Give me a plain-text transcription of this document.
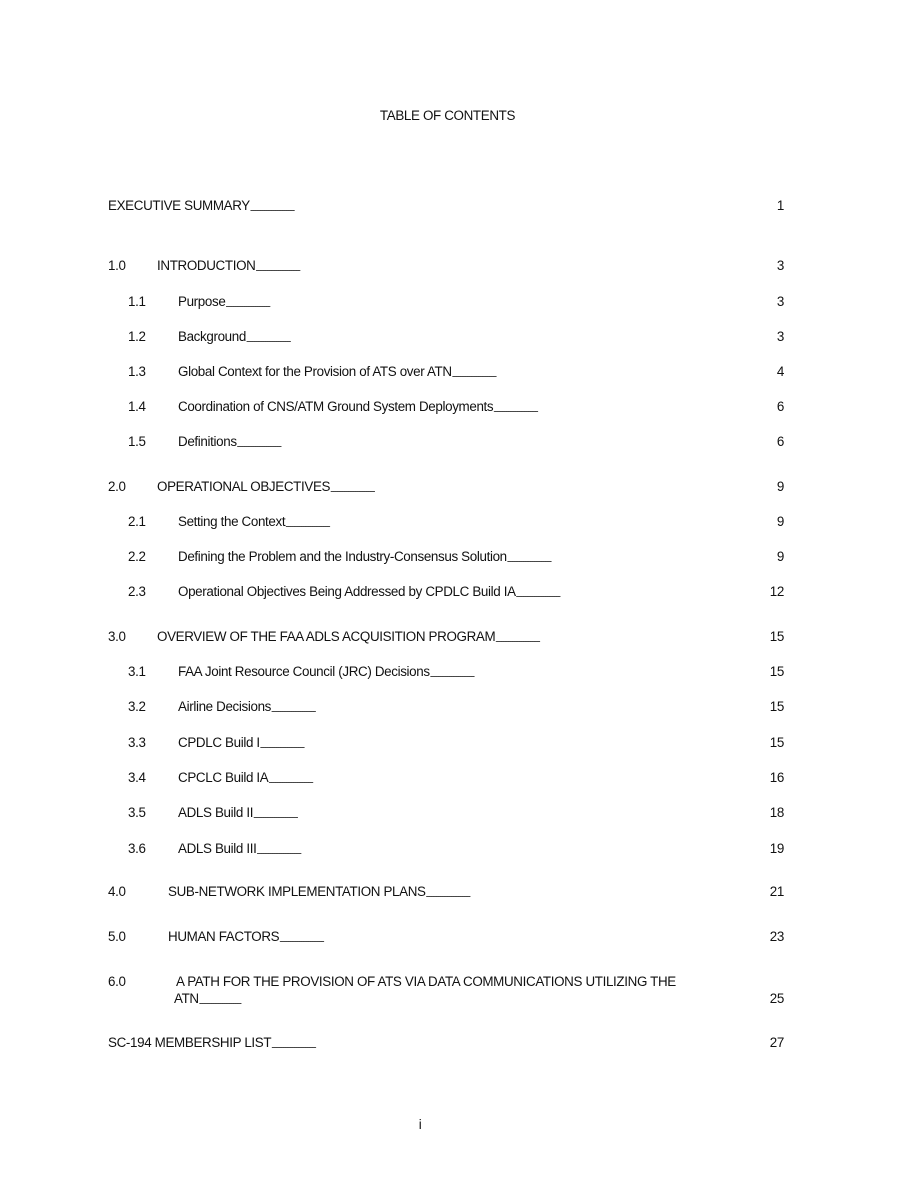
TABLE OF CONTENTS
EXECUTIVE SUMMARY . . .	1
1.0	INTRODUCTION . . .	3
1.1	Purpose . . .	3
1.2	Background . . .	3
1.3	Global Context for the Provision of ATS over ATN . . .	4
1.4	Coordination of CNS/ATM Ground System Deployments . . .	6
1.5	Definitions . . .	6
2.0	OPERATIONAL OBJECTIVES . . .	9
2.1	Setting the Context . . .	9
2.2	Defining the Problem and the Industry-Consensus Solution . . .	9
2.3	Operational Objectives Being Addressed by CPDLC Build IA . . .	12
3.0	OVERVIEW OF THE FAA ADLS ACQUISITION PROGRAM . . .	15
3.1	FAA Joint Resource Council (JRC) Decisions . . .	15
3.2	Airline Decisions . . .	15
3.3	CPDLC Build I . . .	15
3.4	CPCLC Build IA . . .	16
3.5	ADLS Build II . . .	18
3.6	ADLS Build III . . .	19
4.0	SUB-NETWORK IMPLEMENTATION PLANS . . .	21
5.0	HUMAN FACTORS . . .	23
6.0	A PATH FOR THE PROVISION OF ATS VIA DATA COMMUNICATIONS UTILIZING THE
ATN . . .	25
SC-194 MEMBERSHIP LIST . . .	27
i
